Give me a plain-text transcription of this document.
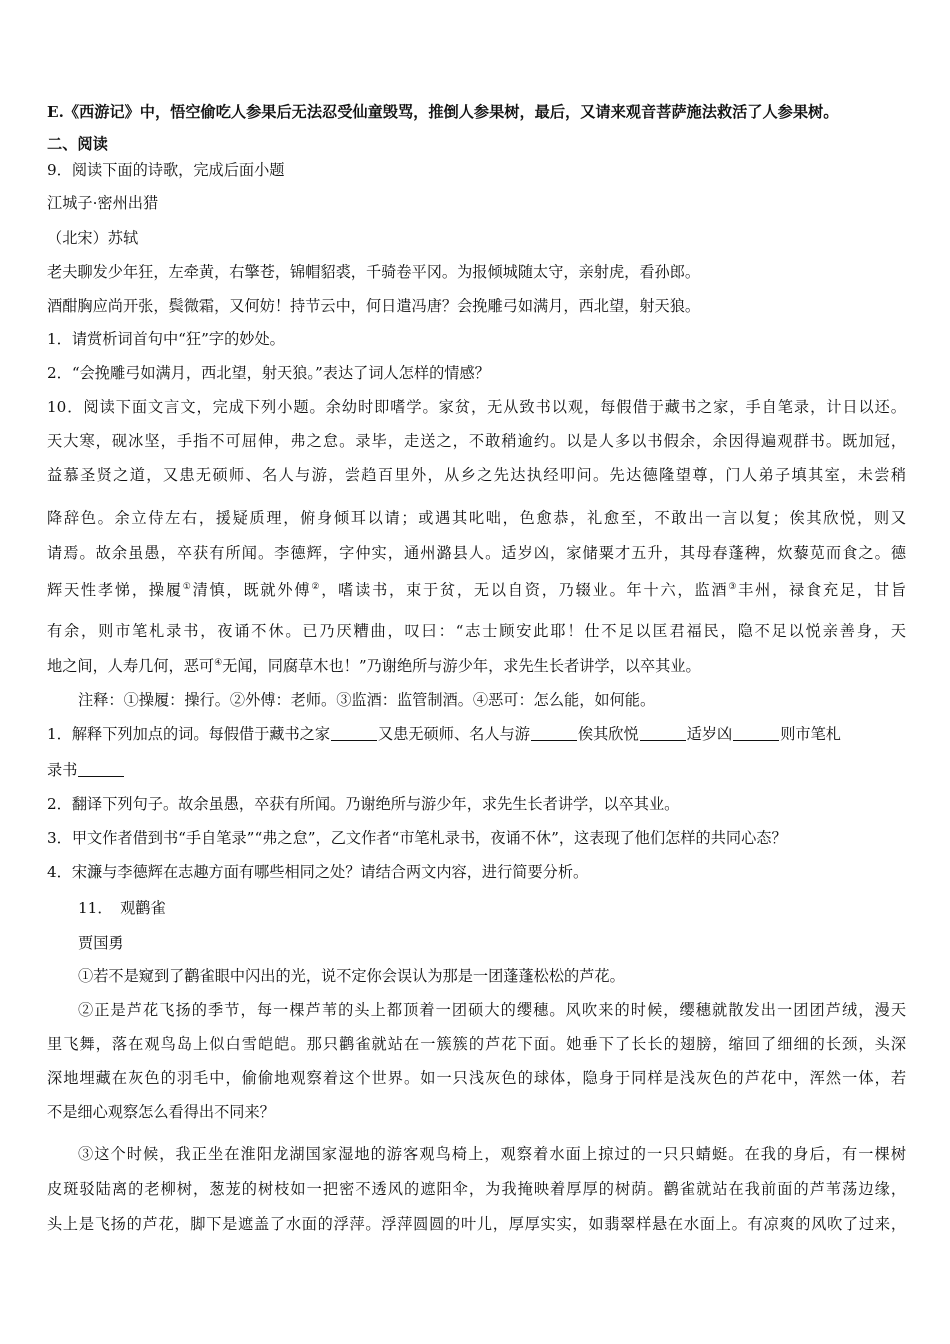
E.《西游记》中，悟空偷吃人参果后无法忍受仙童毁骂，推倒人参果树，最后，又请来观音菩萨施法救活了人参果树。
二、阅读
9．阅读下面的诗歌，完成后面小题
江城子·密州出猎
（北宋）苏轼
老夫聊发少年狂，左牵黄，右擎苍，锦帽貂裘，千骑卷平冈。为报倾城随太守，亲射虎，看孙郎。
酒酣胸应尚开张，鬓微霜，又何妨！持节云中，何日遣冯唐？会挽雕弓如满月，西北望，射天狼。
1．请赏析词首句中“狂”字的妙处。
2．“会挽雕弓如满月，西北望，射天狼。”表达了词人怎样的情感？
10．阅读下面文言文，完成下列小题。余幼时即嗜学。家贫，无从致书以观，每假借于藏书之家，手自笔录，计日以还。
天大寒，砚冰坚，手指不可屈伸，弗之怠。录毕，走送之，不敢稍逾约。以是人多以书假余，余因得遍观群书。既加冠，
益慕圣贤之道，又患无硕师、名人与游，尝趋百里外，从乡之先达执经叩问。先达德隆望尊，门人弟子填其室，未尝稍
降辞色。余立侍左右，援疑质理，俯身倾耳以请；或遇其叱咄，色愈恭，礼愈至，不敢出一言以复；俟其欣悦，则又
请焉。故余虽愚，卒获有所闻。李德辉，字仲实，通州潞县人。适岁凶，家储粟才五升，其母春蓬稗，炊藜苋而食之。德
辉天性孝悌，操履①清慎，既就外傅②，嗜读书，束于贫，无以自资，乃辍业。年十六，监酒③丰州，禄食充足，甘旨
有余，则市笔札录书，夜诵不休。已乃厌糟曲，叹曰：“志士顾安此耶！仕不足以匡君福民，隐不足以悦亲善身，天
地之间，人寿几何，恶可④无闻，同腐草木也！”乃谢绝所与游少年，求先生长者讲学，以卒其业。
注释：①操履：操行。②外傅：老师。③监酒：监管制酒。④恶可：怎么能，如何能。
1．解释下列加点的词。每假借于藏书之家	又患无硕师、名人与游	俟其欣悦	适岁凶	则市笔札
录书
2．翻译下列句子。故余虽愚，卒获有所闻。乃谢绝所与游少年，求先生长者讲学，以卒其业。
3．甲文作者借到书“手自笔录”“弗之怠”，乙文作者“市笔札录书，夜诵不休”，这表现了他们怎样的共同心态？
4．宋濂与李德辉在志趣方面有哪些相同之处？请结合两文内容，进行简要分析。
11．　观鹳雀
贾国勇
①若不是窥到了鹳雀眼中闪出的光，说不定你会误认为那是一团蓬蓬松松的芦花。
②正是芦花飞扬的季节，每一棵芦苇的头上都顶着一团硕大的缨穗。风吹来的时候，缨穗就散发出一团团芦绒，漫天
里飞舞，落在观鸟岛上似白雪皑皑。那只鹳雀就站在一簇簇的芦花下面。她垂下了长长的翅膀，缩回了细细的长颈，头深
深地埋藏在灰色的羽毛中，偷偷地观察着这个世界。如一只浅灰色的球体，隐身于同样是浅灰色的芦花中，浑然一体，若
不是细心观察怎么看得出不同来？
③这个时候，我正坐在淮阳龙湖国家湿地的游客观鸟椅上，观察着水面上掠过的一只只蜻蜓。在我的身后，有一棵树
皮斑驳陆离的老柳树，葱茏的树枝如一把密不透风的遮阳伞，为我掩映着厚厚的树荫。鹳雀就站在我前面的芦苇荡边缘，
头上是飞扬的芦花，脚下是遮盖了水面的浮萍。浮萍圆圆的叶儿，厚厚实实，如翡翠样悬在水面上。有凉爽的风吹了过来，
